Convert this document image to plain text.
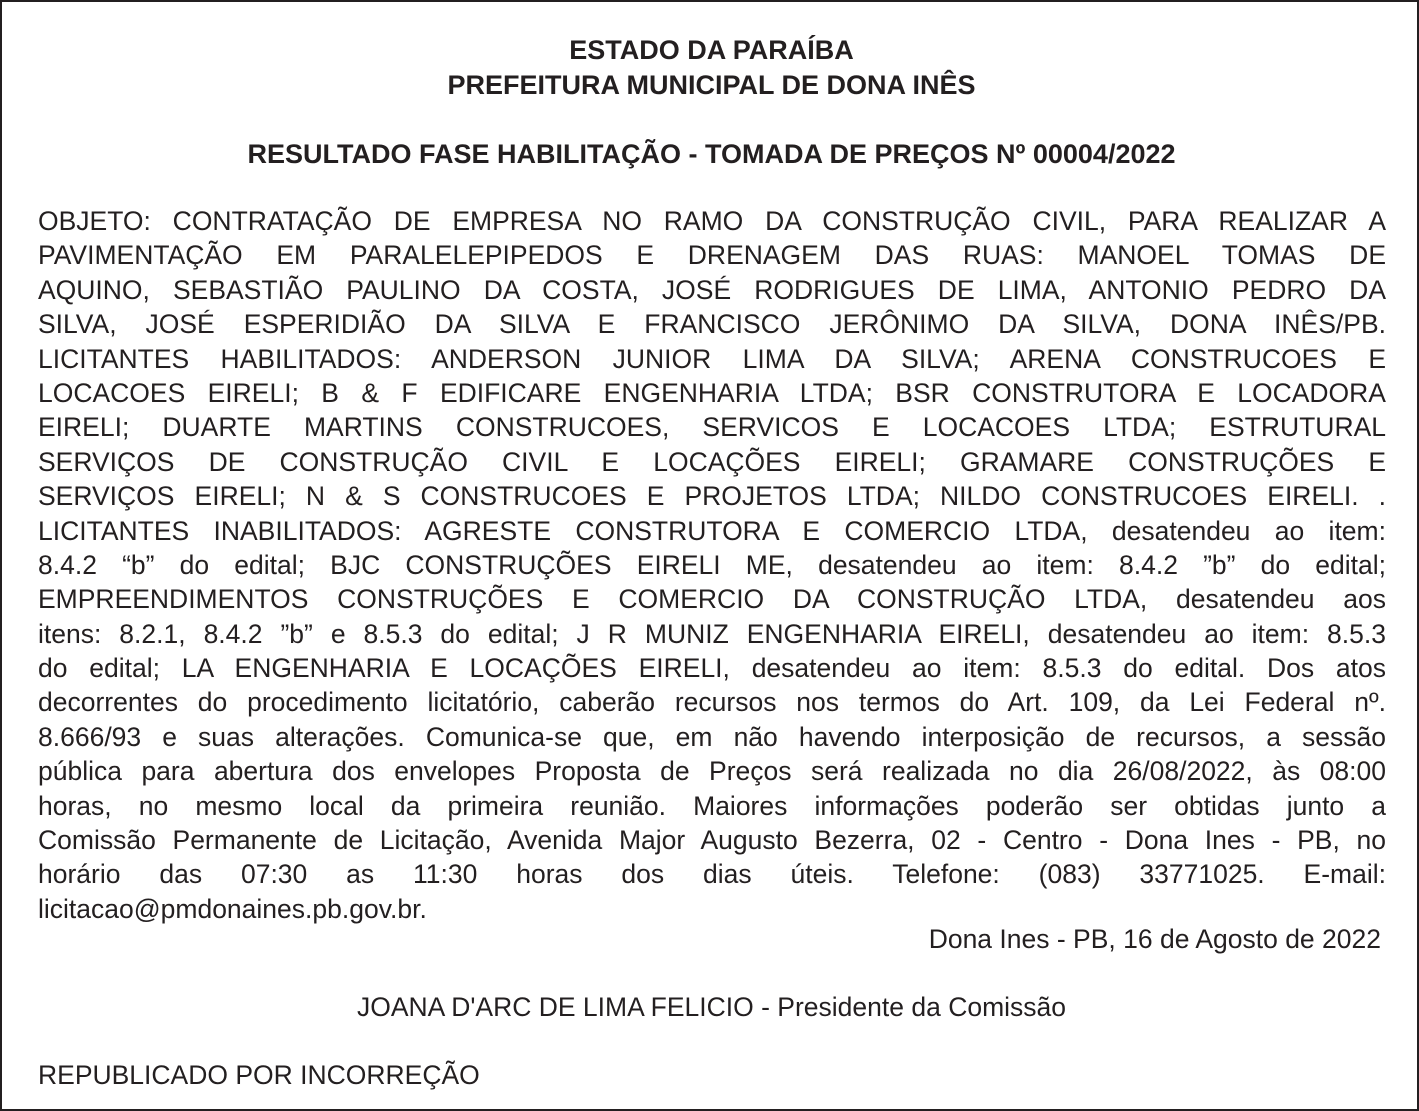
ESTADO DA PARAÍBA
PREFEITURA MUNICIPAL DE DONA INÊS
RESULTADO FASE HABILITAÇÃO - TOMADA DE PREÇOS Nº 00004/2022
OBJETO: CONTRATAÇÃO DE EMPRESA NO RAMO DA CONSTRUÇÃO CIVIL, PARA REALIZAR A
PAVIMENTAÇÃO EM PARALELEPIPEDOS E DRENAGEM DAS RUAS: MANOEL TOMAS DE
AQUINO, SEBASTIÃO PAULINO DA COSTA, JOSÉ RODRIGUES DE LIMA, ANTONIO PEDRO DA
SILVA, JOSÉ ESPERIDIÃO DA SILVA E FRANCISCO JERÔNIMO DA SILVA, DONA INÊS/PB.
LICITANTES HABILITADOS: ANDERSON JUNIOR LIMA DA SILVA; ARENA CONSTRUCOES E
LOCACOES EIRELI; B & F EDIFICARE ENGENHARIA LTDA; BSR CONSTRUTORA E LOCADORA
EIRELI; DUARTE MARTINS CONSTRUCOES, SERVICOS E LOCACOES LTDA; ESTRUTURAL
SERVIÇOS DE CONSTRUÇÃO CIVIL E LOCAÇÕES EIRELI; GRAMARE CONSTRUÇÕES E
SERVIÇOS EIRELI; N & S CONSTRUCOES E PROJETOS LTDA; NILDO CONSTRUCOES EIRELI. .
LICITANTES INABILITADOS: AGRESTE CONSTRUTORA E COMERCIO LTDA, desatendeu ao item:
8.4.2 “b” do edital; BJC CONSTRUÇÕES EIRELI ME, desatendeu ao item: 8.4.2 ”b” do edital;
EMPREENDIMENTOS CONSTRUÇÕES E COMERCIO DA CONSTRUÇÃO LTDA, desatendeu aos
itens: 8.2.1, 8.4.2 ”b” e 8.5.3 do edital; J R MUNIZ ENGENHARIA EIRELI, desatendeu ao item: 8.5.3
do edital; LA ENGENHARIA E LOCAÇÕES EIRELI, desatendeu ao item: 8.5.3 do edital. Dos atos
decorrentes do procedimento licitatório, caberão recursos nos termos do Art. 109, da Lei Federal nº.
8.666/93 e suas alterações. Comunica-se que, em não havendo interposição de recursos, a sessão
pública para abertura dos envelopes Proposta de Preços será realizada no dia 26/08/2022, às 08:00
horas, no mesmo local da primeira reunião. Maiores informações poderão ser obtidas junto a
Comissão Permanente de Licitação, Avenida Major Augusto Bezerra, 02 - Centro - Dona Ines - PB, no
horário das 07:30 as 11:30 horas dos dias úteis. Telefone: (083) 33771025. E-mail:
licitacao@pmdonaines.pb.gov.br.
Dona Ines - PB, 16 de Agosto de 2022
JOANA D'ARC DE LIMA FELICIO - Presidente da Comissão
REPUBLICADO POR INCORREÇÃO
